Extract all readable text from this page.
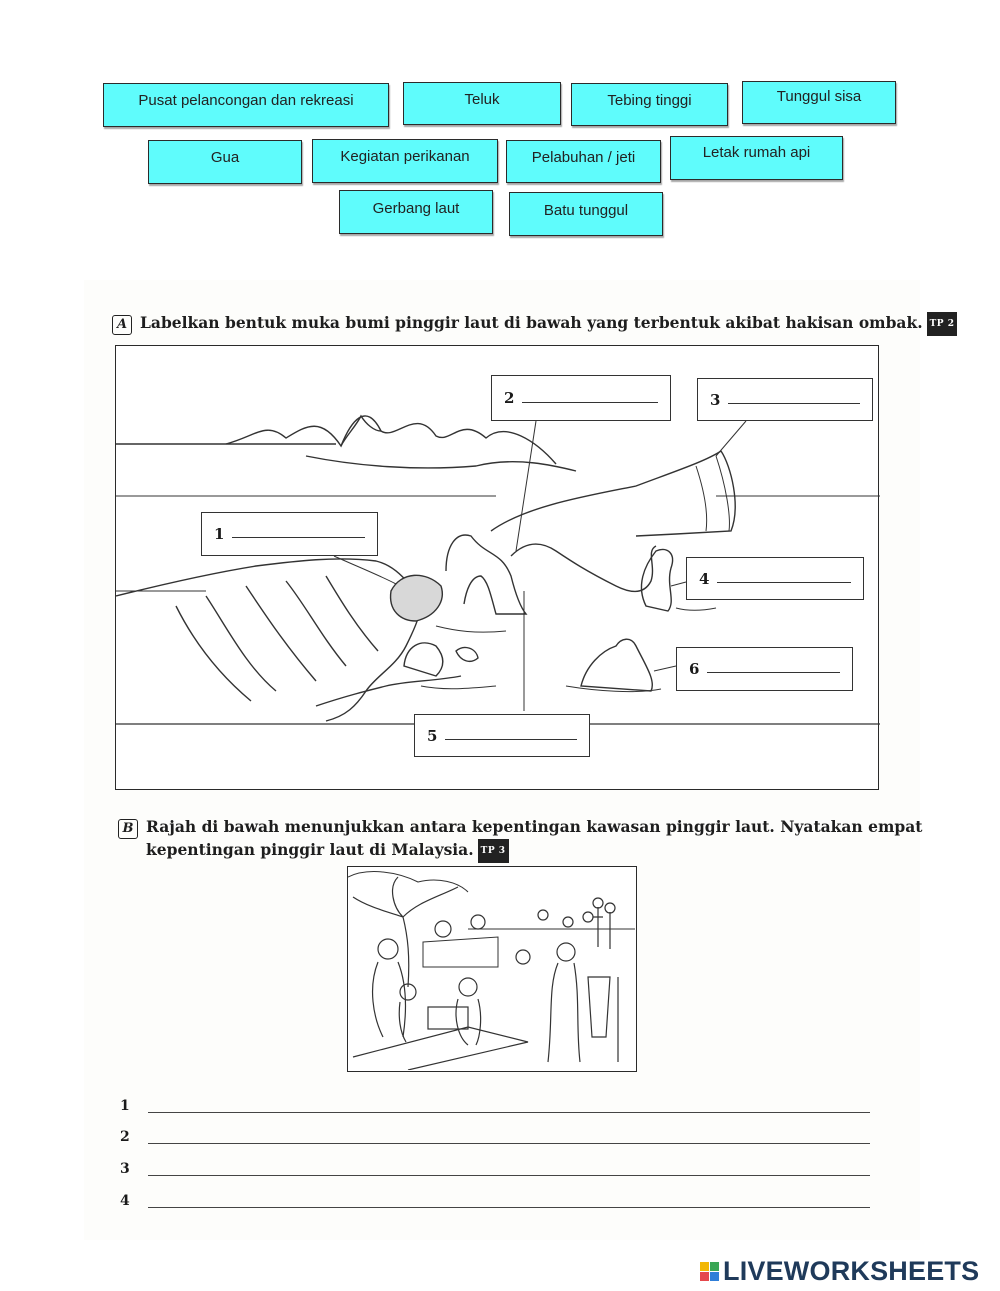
Pusat pelancongan dan rekreasi	Teluk	Tebing tinggi	Tunggul sisa
Gua	Kegiatan perikanan	Pelabuhan / jeti	Letak rumah api
Gerbang laut	Batu tunggul
A Labelkan bentuk muka bumi pinggir laut di bawah yang terbentuk akibat hakisan ombak. TP 2
1
2	3
4
5
6
B Rajah di bawah menunjukkan antara kepentingan kawasan pinggir laut. Nyatakan empat
kepentingan pinggir laut di Malaysia. TP 3
1
2
3
4
LIVEWORKSHEETS
